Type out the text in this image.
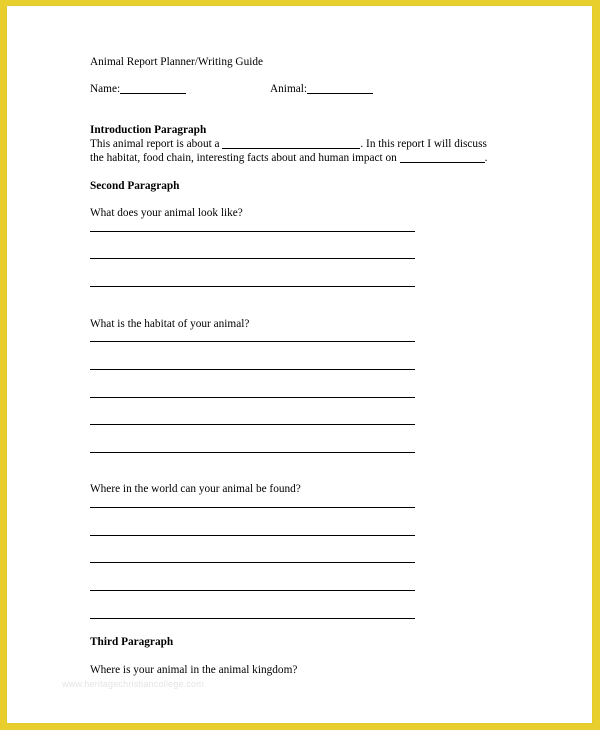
Animal Report Planner/Writing Guide
Name:	Animal:
Introduction Paragraph
This animal report is about a	. In this report I will discuss
the habitat, food chain, interesting facts about and human impact on	.
Second Paragraph
What does your animal look like?
What is the habitat of your animal?
Where in the world can your animal be found?
Third Paragraph
Where is your animal in the animal kingdom?
www.heritagechristiancollege.com
